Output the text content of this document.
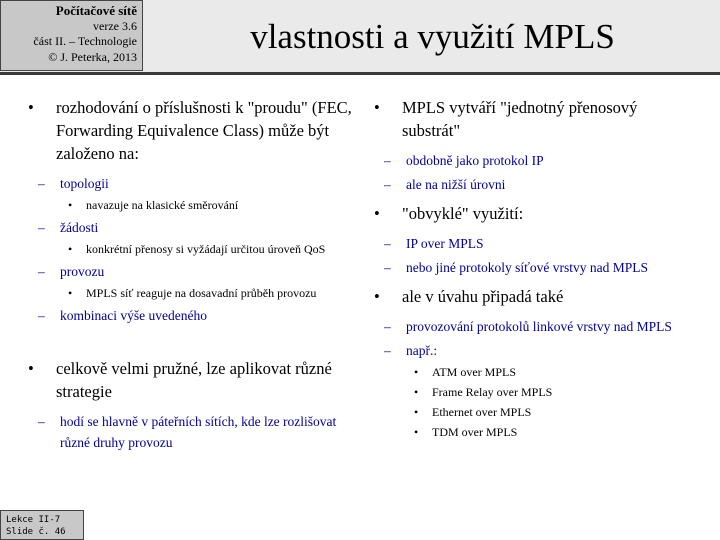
Počítačové sítě
verze 3.6
část II. – Technologie
© J. Peterka, 2013
vlastnosti a využití MPLS
• rozhodování o příslušnosti k "proudu" (FEC, Forwarding Equivalence Class) může být založeno na:
– topologii
• navazuje na klasické směrování
– žádosti
• konkrétní přenosy si vyžádají určitou úroveň QoS
– provozu
• MPLS síť reaguje na dosavadní průběh provozu
– kombinaci výše uvedeného
• celkově velmi pružné, lze aplikovat různé strategie
– hodí se hlavně v páteřních sítích, kde lze rozlišovat různé druhy provozu
• MPLS vytváří "jednotný přenosový substrát"
– obdobně jako protokol IP
– ale na nižší úrovni
• "obvyklé" využití:
– IP over MPLS
– nebo jiné protokoly síťové vrstvy nad MPLS
• ale v úvahu připadá také
– provozování protokolů linkové vrstvy nad MPLS
– např.:
• ATM over MPLS
• Frame Relay over MPLS
• Ethernet over MPLS
• TDM over MPLS
Lekce II-7
Slide č. 46
